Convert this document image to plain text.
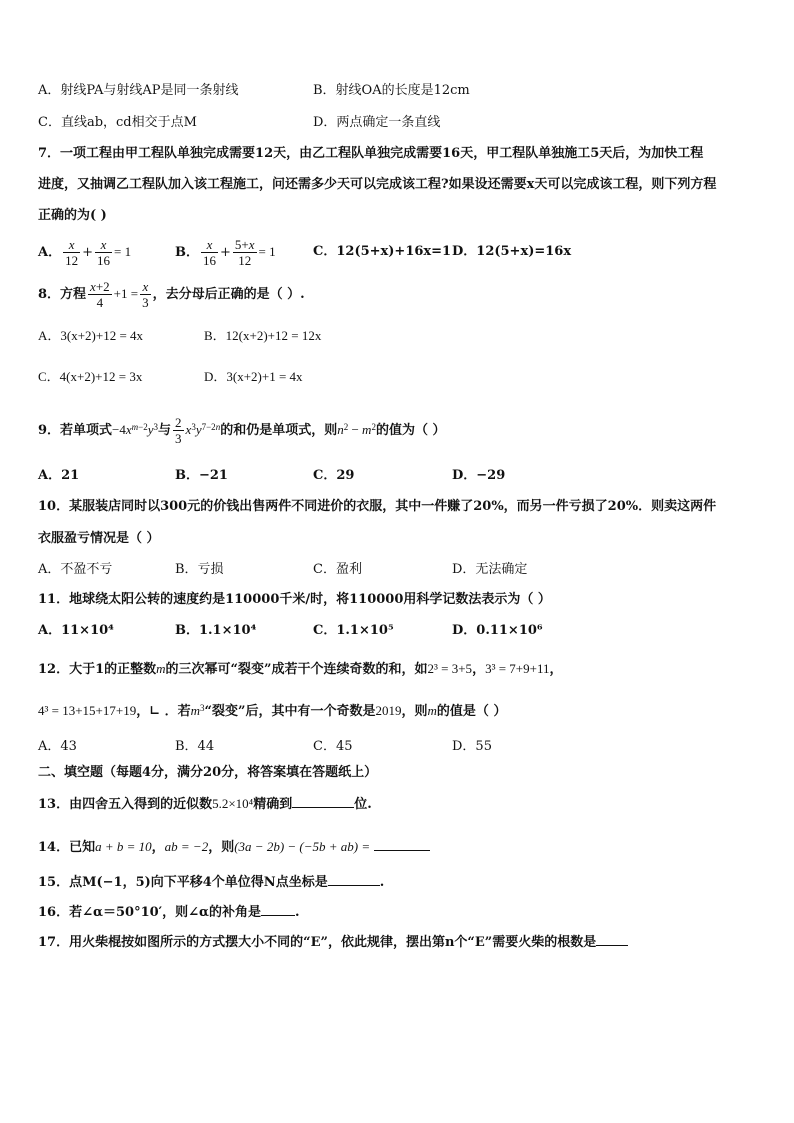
A．射线PA与射线AP是同一条射线	B．射线OA的长度是12cm
C．直线ab，cd相交于点M	D．两点确定一条直线
7．一项工程由甲工程队单独完成需要12天，由乙工程队单独完成需要16天，甲工程队单独施工5天后，为加快工程
进度，又抽调乙工程队加入该工程施工，问还需多少天可以完成该工程?如果设还需要x天可以完成该工程，则下列方程
正确的为( )
A． $\frac{x}{12} + \frac{x}{16} = 1$	B． $\frac{x}{16} + \frac{5+x}{12} = 1$	C．12(5+x)+16x=1 D．12(5+x)=16x
8．方程 $\frac{x+2}{4} +1 = \frac{x}{3}$ ，去分母后正确的是（ ）.
A．3(x+2)+12 = 4x	B．12(x+2)+12 = 12x
C．4(x+2)+12 = 3x	D．3(x+2)+1 = 4x
9．若单项式$-4x^{m-2}y^3$与 $\frac{2}{3} x^3y^{7-2n}$的和仍是单项式，则$n^2 - m^2$的值为（ ）
A．21	B．−21	C．29	D．−29
10．某服装店同时以300元的价钱出售两件不同进价的衣服，其中一件赚了20%，而另一件亏损了20%．则卖这两件
衣服盈亏情况是（ ）
A．不盈不亏	B．亏损	C．盈利	D．无法确定
11．地球绕太阳公转的速度约是110000千米/时，将110000用科学记数法表示为（ ）
A．11×10⁴	B．1.1×10⁴	C．1.1×10⁵	D．0.11×10⁶
12．大于1的正整数m的三次幂可“裂变”成若干个连续奇数的和，如2³ = 3+5，3³ = 7+9+11，
4³ = 13+15+17+19，∟ ．若$m^3“$裂变”后，其中有一个奇数是2019，则m的值是（ ）
A．43	B．44	C．45	D．55
二、填空题（每题4分，满分20分，将答案填在答题纸上）
13．由四舍五入得到的近似数5.2×10⁴精确到	位.
14．已知a + b = 10，ab = −2，则(3a − 2b) − (−5b + ab) =
15．点M(−1，5)向下平移4个单位得N点坐标是	.
16．若∠α＝50°10′，则∠α的补角是	.
17．用火柴棍按如图所示的方式摆大小不同的“E”，依此规律，摆出第n个“E”需要火柴的根数是
